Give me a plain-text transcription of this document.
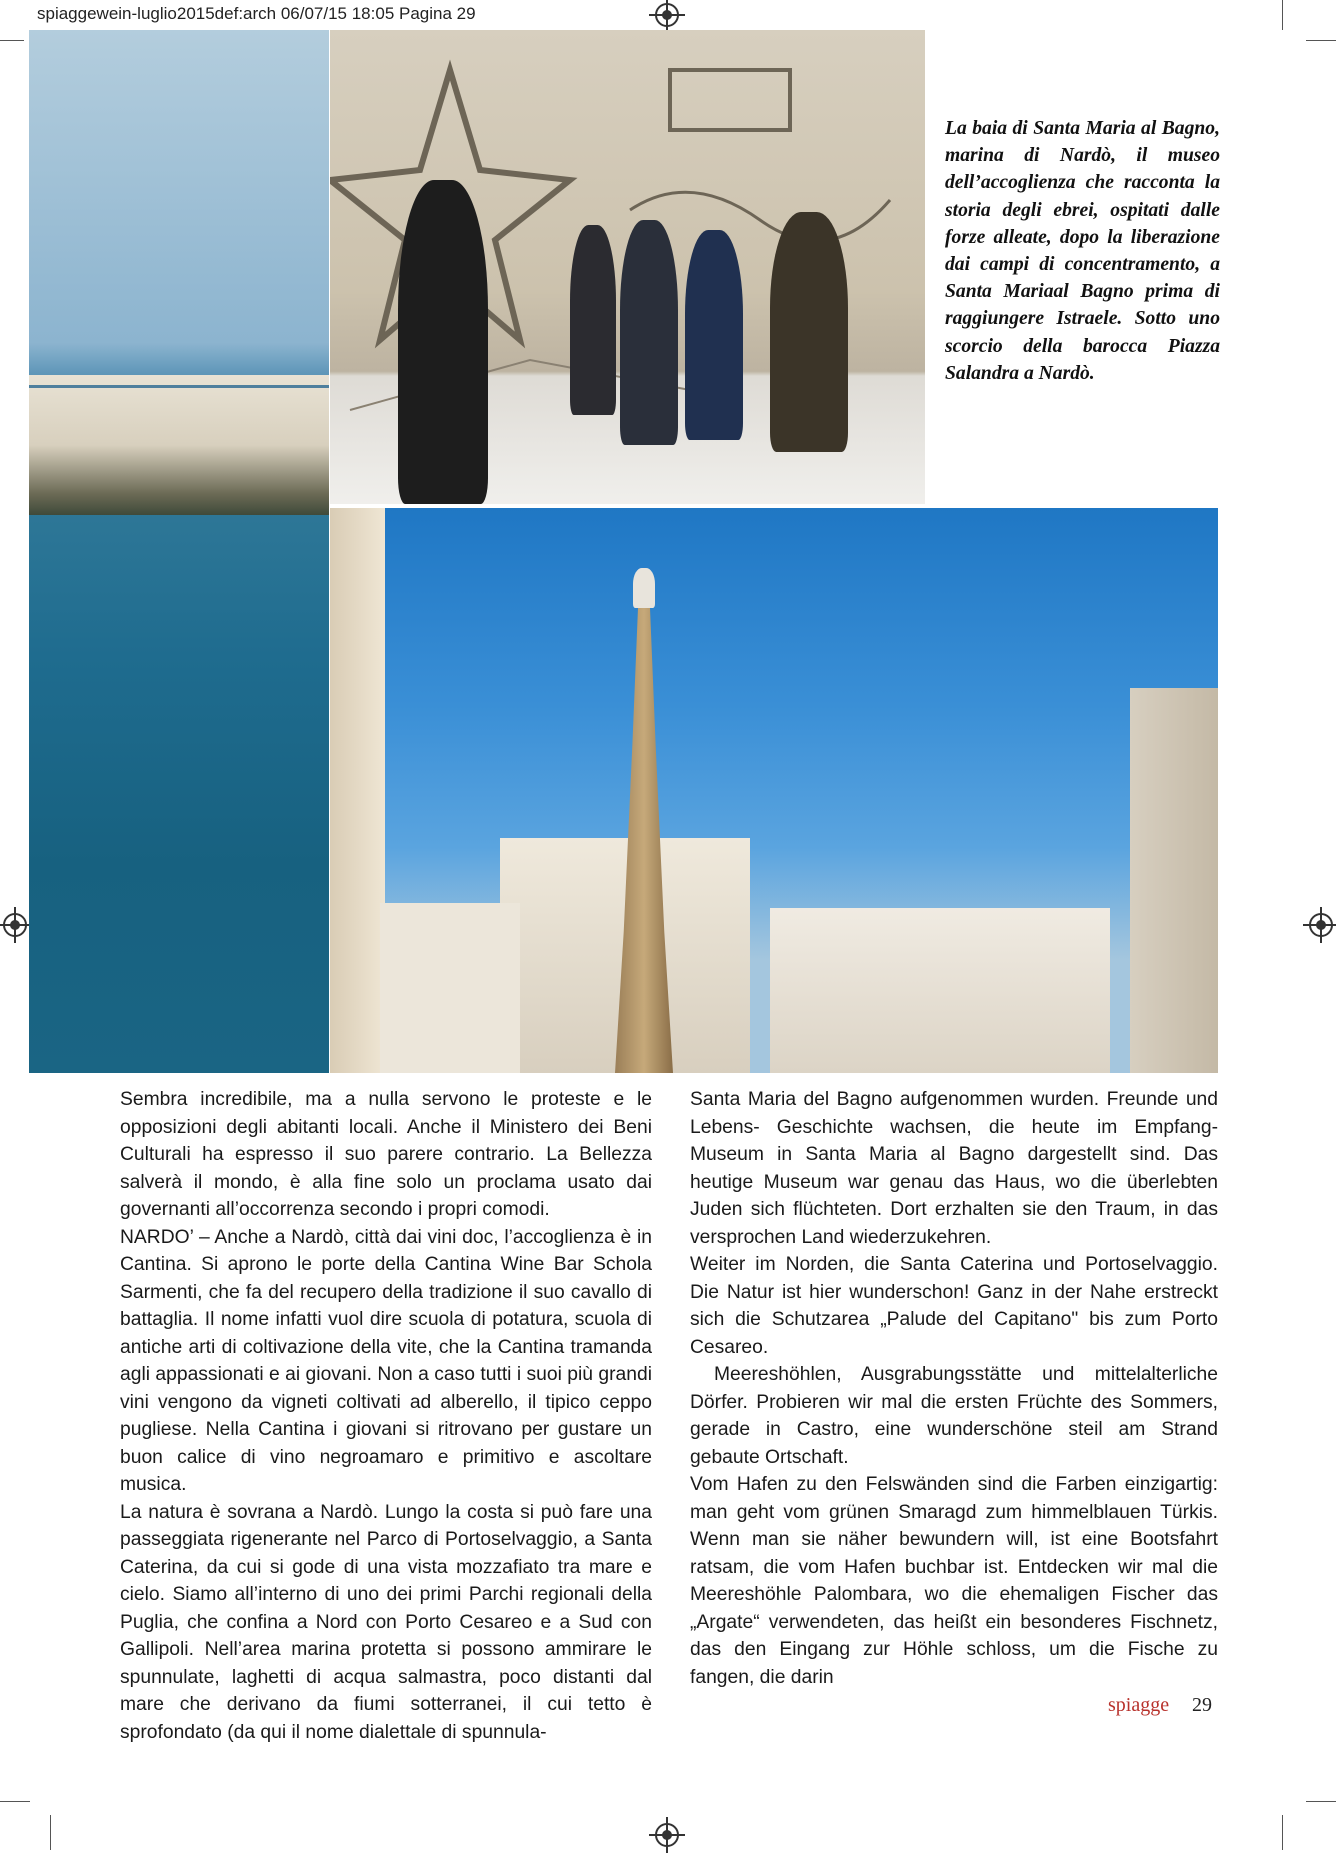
spiaggewein-luglio2015def:arch 06/07/15 18:05 Pagina 29

La baia di Santa Maria al Bagno, marina di Nardò, il museo dell’accoglienza che racconta la storia degli ebrei, ospitati dalle forze alleate, dopo la liberazione dai campi di concentramento, a Santa Mariaal Bagno prima di raggiungere Istraele. Sotto uno scorcio della barocca Piazza Salandra a Nardò.

Sembra incredibile, ma a nulla servono le proteste e le opposizioni degli abitanti locali. Anche il Ministero dei Beni Culturali ha espresso il suo parere contrario. La Bellezza salverà il mondo, è alla fine solo un proclama usato dai governanti all’occorrenza secondo i propri comodi.

NARDO’ – Anche a Nardò, città dai vini doc, l’accoglienza è in Cantina. Si aprono le porte della Cantina Wine Bar Schola Sarmenti, che fa del recupero della tradizione il suo cavallo di battaglia. Il nome infatti vuol dire scuola di potatura, scuola di antiche arti di coltivazione della vite, che la Cantina tramanda agli appassionati e ai giovani. Non a caso tutti i suoi più grandi vini vengono da vigneti coltivati ad alberello, il tipico ceppo pugliese. Nella Cantina i giovani si ritrovano per gustare un buon calice di vino negroamaro e primitivo e ascoltare musica.

La natura è sovrana a Nardò. Lungo la costa si può fare una passeggiata rigenerante nel Parco di Portoselvaggio, a Santa Caterina, da cui si gode di una vista mozzafiato tra mare e cielo. Siamo all’interno di uno dei primi Parchi regionali della Puglia, che confina a Nord con Porto Cesareo e a Sud con Gallipoli. Nell’area marina protetta si possono ammirare le spunnulate, laghetti di acqua salmastra, poco distanti dal mare che derivano da fiumi sotterranei, il cui tetto è sprofondato (da qui il nome dialettale di spunnula-

Santa Maria del Bagno aufgenommen wurden. Freunde und Lebens- Geschichte wachsen, die heute im Empfang-Museum in Santa Maria al Bagno dargestellt sind. Das heutige Museum war genau das Haus, wo die überlebten Juden sich flüchteten. Dort erzhalten sie den Traum, in das versprochen Land wiederzukehren.

Weiter im Norden, die Santa Caterina und Portoselvaggio. Die Natur ist hier wunderschon! Ganz in der Nahe erstreckt sich die Schutzarea „Palude del Capitano" bis zum Porto Cesareo.

Meereshöhlen, Ausgrabungsstätte und mittelalterliche Dörfer. Probieren wir mal die ersten Früchte des Sommers, gerade in Castro, eine wunderschöne steil am Strand gebaute Ortschaft.

Vom Hafen zu den Felswänden sind die Farben einzigartig: man geht vom grünen Smaragd zum himmelblauen Türkis. Wenn man sie näher bewundern will, ist eine Bootsfahrt ratsam, die vom Hafen buchbar ist. Entdecken wir mal die Meereshöhle Palombara, wo die ehemaligen Fischer das „Argate“ verwendeten, das heißt ein besonderes Fischnetz, das den Eingang zur Höhle schloss, um die Fische zu fangen, die darin

spiagge 29
